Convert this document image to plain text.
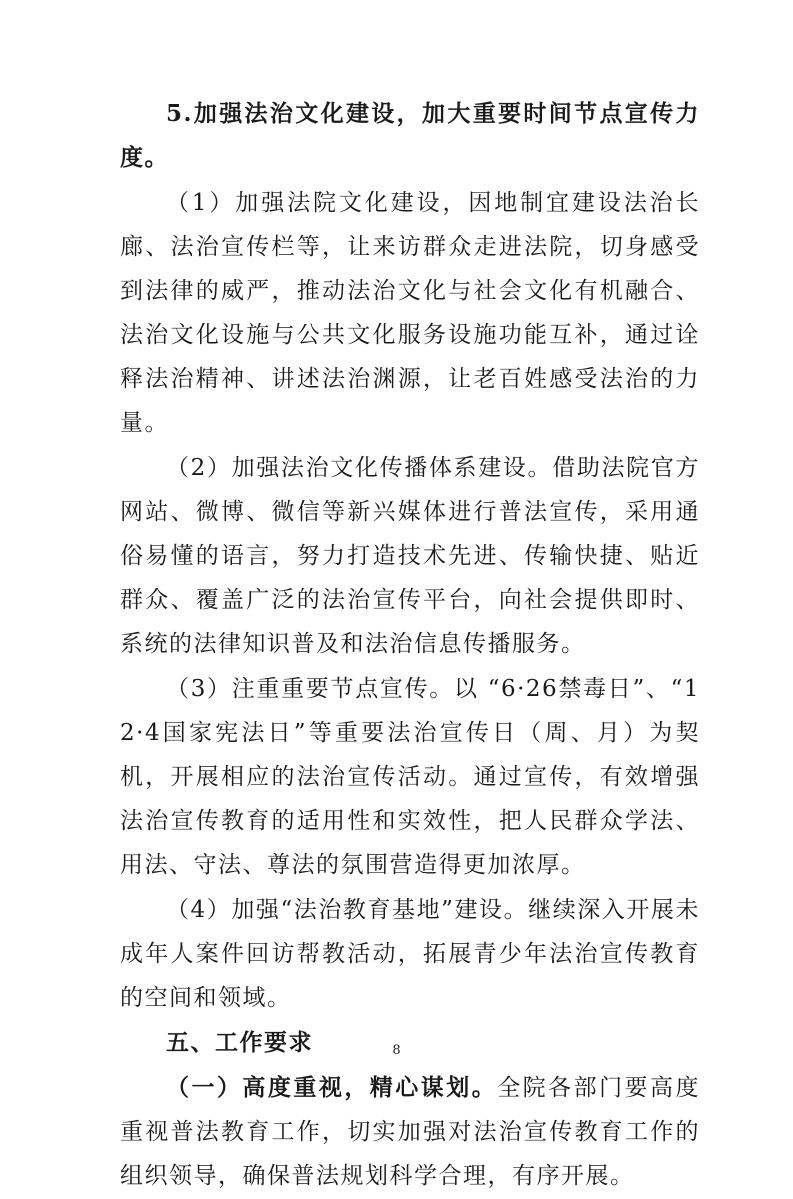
5.加强法治文化建设，加大重要时间节点宣传力度。

（1）加强法院文化建设，因地制宜建设法治长廊、法治宣传栏等，让来访群众走进法院，切身感受到法律的威严，推动法治文化与社会文化有机融合、法治文化设施与公共文化服务设施功能互补，通过诠释法治精神、讲述法治渊源，让老百姓感受法治的力量。

（2）加强法治文化传播体系建设。借助法院官方网站、微博、微信等新兴媒体进行普法宣传，采用通俗易懂的语言，努力打造技术先进、传输快捷、贴近群众、覆盖广泛的法治宣传平台，向社会提供即时、系统的法律知识普及和法治信息传播服务。

（3）注重重要节点宣传。以 “6·26禁毒日”、“12·4国家宪法日”等重要法治宣传日（周、月）为契机，开展相应的法治宣传活动。通过宣传，有效增强法治宣传教育的适用性和实效性，把人民群众学法、用法、守法、尊法的氛围营造得更加浓厚。

（4）加强“法治教育基地”建设。继续深入开展未成年人案件回访帮教活动，拓展青少年法治宣传教育的空间和领域。

五、工作要求

（一）高度重视，精心谋划。全院各部门要高度重视普法教育工作，切实加强对法治宣传教育工作的组织领导，确保普法规划科学合理，有序开展。

8
